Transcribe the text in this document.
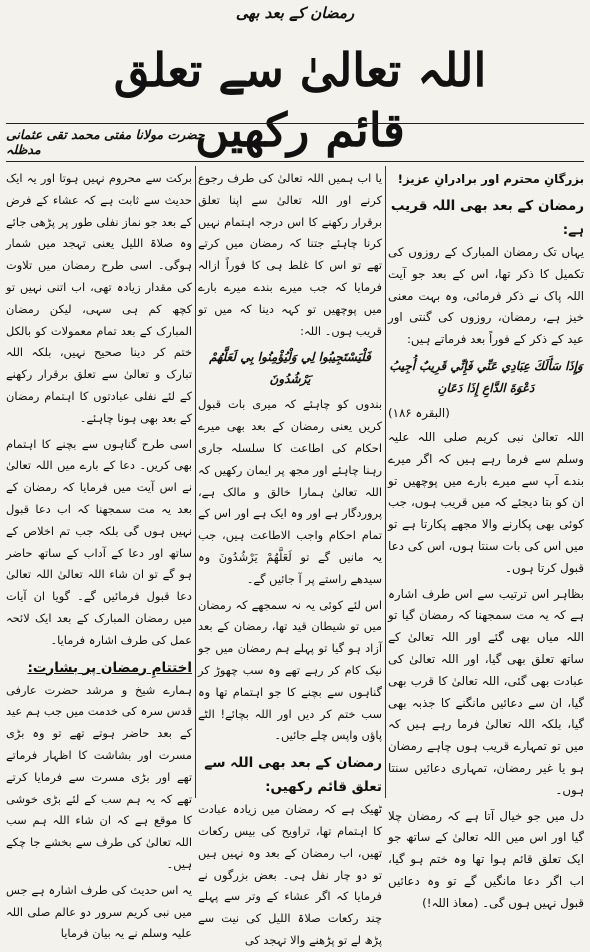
رمضان کے بعد بھی
اللہ تعالیٰ سے تعلق قائم رکھیں
حضرت مولانا مفتی محمد تقی عثمانی مدظلہ

بزرگانِ محترم اور برادرانِ عزیز!

رمضان کے بعد بھی اللہ قریب ہے:

یہاں تک رمضان المبارک کے روزوں کی تکمیل کا ذکر تھا، اس کے بعد جو آیت اللہ پاک نے ذکر فرمائی، وہ بہت معنی خیز ہے، رمضان، روزوں کی گنتی اور عید کے ذکر کے فوراً بعد فرماتے ہیں:

وَإِذَا سَأَلَكَ عِبَادِي عَنِّي فَإِنِّي قَرِيبٌ أُجِيبُ دَعْوَةَ الدَّاعِ إِذَا دَعَانِ

(البقرہ ۱۸۶)

اللہ تعالیٰ نبی کریم صلی اللہ علیہ وسلم سے فرما رہے ہیں کہ اگر میرے بندے آپ سے میرے بارے میں پوچھیں تو ان کو بتا دیجئے کہ میں قریب ہوں، جب کوئی بھی پکارنے والا مجھے پکارتا ہے تو میں اس کی بات سنتا ہوں، اس کی دعا قبول کرتا ہوں۔

بظاہر اس ترتیب سے اس طرف اشارہ ہے کہ یہ مت سمجھنا کہ رمضان گیا تو اللہ میاں بھی گئے اور اللہ تعالیٰ کے ساتھ تعلق بھی گیا، اور اللہ تعالیٰ کی عبادت بھی گئی، اللہ تعالیٰ کا قرب بھی گیا، ان سے دعائیں مانگنے کا جذبہ بھی گیا، بلکہ اللہ تعالیٰ فرما رہے ہیں کہ میں تو تمہارے قریب ہوں چاہے رمضان ہو یا غیر رمضان، تمہاری دعائیں سنتا ہوں۔

دل میں جو خیال آتا ہے کہ رمضان چلا گیا اور اس میں اللہ تعالیٰ کے ساتھ جو ایک تعلق قائم ہوا تھا وہ ختم ہو گیا، اب اگر دعا مانگیں گے تو وہ دعائیں قبول نہیں ہوں گی۔ (معاذ اللہ!)

یا اب ہمیں اللہ تعالیٰ کی طرف رجوع کرنے اور اللہ تعالیٰ سے اپنا تعلق برقرار رکھنے کا اس درجہ اہتمام نہیں کرنا چاہئے جتنا کہ رمضان میں کرتے تھے تو اس کا غلط ہی کا فوراً ازالہ فرمایا کہ جب میرے بندے میرے بارے میں پوچھیں تو کہہ دینا کہ میں تو قریب ہوں۔ اللہ:

فَلْيَسْتَجِيبُوا لِي وَلْيُؤْمِنُوا بِي لَعَلَّهُمْ يَرْشُدُونَ

بندوں کو چاہئے کہ میری بات قبول کریں یعنی رمضان کے بعد بھی میرے احکام کی اطاعت کا سلسلہ جاری رہنا چاہئے اور مجھ پر ایمان رکھیں کہ اللہ تعالیٰ ہمارا خالق و مالک ہے، پروردگار ہے اور وہ ایک ہے اور اس کے تمام احکام واجب الاطاعت ہیں، جب یہ مانیں گے تو لَعَلَّهُمْ يَرْشُدُونَ وہ سیدھے راستے پر آ جائیں گے۔

اس لئے کوئی یہ نہ سمجھے کہ رمضان میں تو شیطان قید تھا، رمضان کے بعد آزاد ہو گیا تو پہلے ہم رمضان میں جو نیک کام کر رہے تھے وہ سب چھوڑ کر گناہوں سے بچنے کا جو اہتمام تھا وہ سب ختم کر دیں اور اللہ بچائے! الٹے پاؤں واپس چلے جائیں۔

رمضان کے بعد بھی اللہ سے تعلق قائم رکھیں:

ٹھیک ہے کہ رمضان میں زیادہ عبادت کا اہتمام تھا، تراویح کی بیس رکعات تھیں، اب رمضان کے بعد وہ نہیں ہیں تو دو چار نفل ہی۔ بعض بزرگوں نے فرمایا کہ اگر عشاء کے وتر سے پہلے چند رکعات صلاۃ اللیل کی نیت سے پڑھ لے تو پڑھنے والا تہجد کی

برکت سے محروم نہیں ہوتا اور یہ ایک حدیث سے ثابت ہے کہ عشاء کے فرض کے بعد جو نماز نفلی طور پر پڑھی جائے وہ صلاۃ اللیل یعنی تہجد میں شمار ہوگی۔ اسی طرح رمضان میں تلاوت کی مقدار زیادہ تھی، اب اتنی نہیں تو کچھ کم ہی سہی، لیکن رمضان المبارک کے بعد تمام معمولات کو بالکل ختم کر دینا صحیح نہیں، بلکہ اللہ تبارک و تعالیٰ سے تعلق برقرار رکھنے کے لئے نفلی عبادتوں کا اہتمام رمضان کے بعد بھی ہونا چاہئے۔

اسی طرح گناہوں سے بچنے کا اہتمام بھی کریں۔ دعا کے بارے میں اللہ تعالیٰ نے اس آیت میں فرمایا کہ رمضان کے بعد یہ مت سمجھنا کہ اب دعا قبول نہیں ہوں گی بلکہ جب تم اخلاص کے ساتھ اور دعا کے آداب کے ساتھ حاضر ہو گے تو ان شاء اللہ تعالیٰ اللہ تعالیٰ دعا قبول فرمائیں گے۔ گویا ان آیات میں رمضان المبارک کے بعد ایک لائحہ عمل کی طرف اشارہ فرمایا۔

اختتامِ رمضان پر بشارت:

ہمارے شیخ و مرشد حضرت عارفی قدس سرہ کی خدمت میں جب ہم عید کے بعد حاضر ہوتے تھے تو وہ بڑی مسرت اور بشاشت کا اظہار فرماتے تھے اور بڑی مسرت سے فرمایا کرتے تھے کہ یہ ہم سب کے لئے بڑی خوشی کا موقع ہے کہ ان شاء اللہ ہم سب اللہ تعالیٰ کی طرف سے بخشے جا چکے ہیں۔

یہ اس حدیث کی طرف اشارہ ہے جس میں نبی کریم سرور دو عالم صلی اللہ علیہ وسلم نے یہ بیان فرمایا
